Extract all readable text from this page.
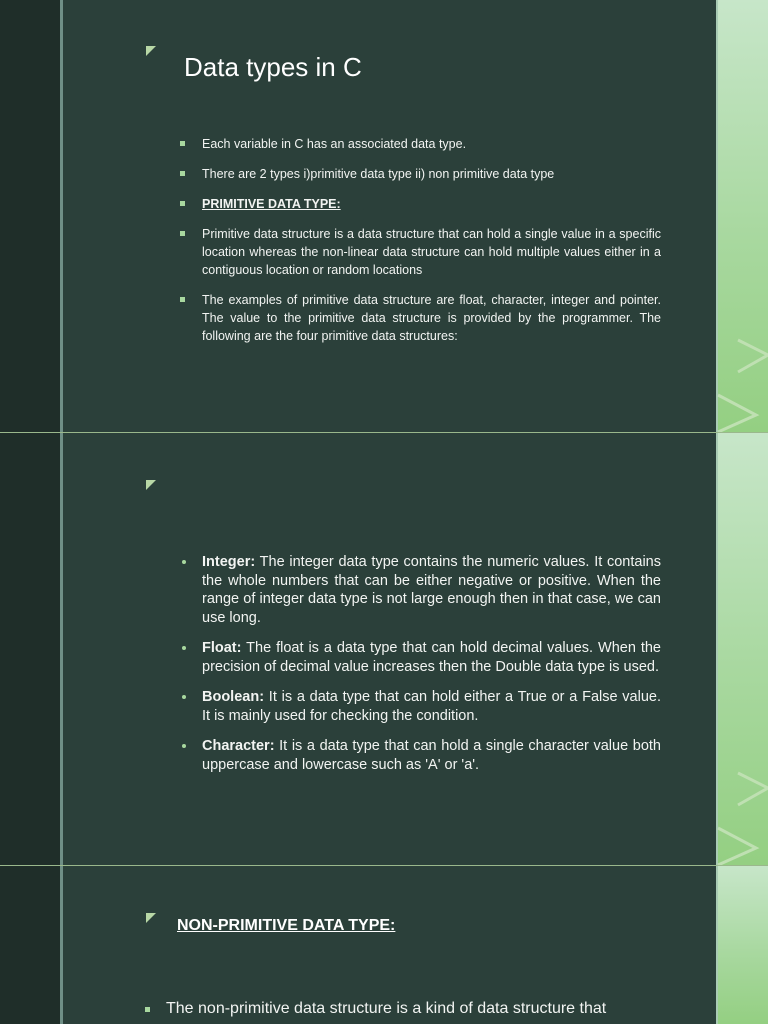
Data types in C
Each variable in C has an associated data type.
There are 2 types i)primitive data type ii) non primitive data type
PRIMITIVE DATA TYPE:
Primitive data structure is a data structure that can hold a single value in a specific location whereas the non-linear data structure can hold multiple values either in a contiguous location or random locations
The examples of primitive data structure are float, character, integer and pointer. The value to the primitive data structure is provided by the programmer. The following are the four primitive data structures:
Integer: The integer data type contains the numeric values. It contains the whole numbers that can be either negative or positive. When the range of integer data type is not large enough then in that case, we can use long.
Float: The float is a data type that can hold decimal values. When the precision of decimal value increases then the Double data type is used.
Boolean: It is a data type that can hold either a True or a False value. It is mainly used for checking the condition.
Character: It is a data type that can hold a single character value both uppercase and lowercase such as 'A' or 'a'.
NON-PRIMITIVE DATA TYPE:
The non-primitive data structure is a kind of data structure that
